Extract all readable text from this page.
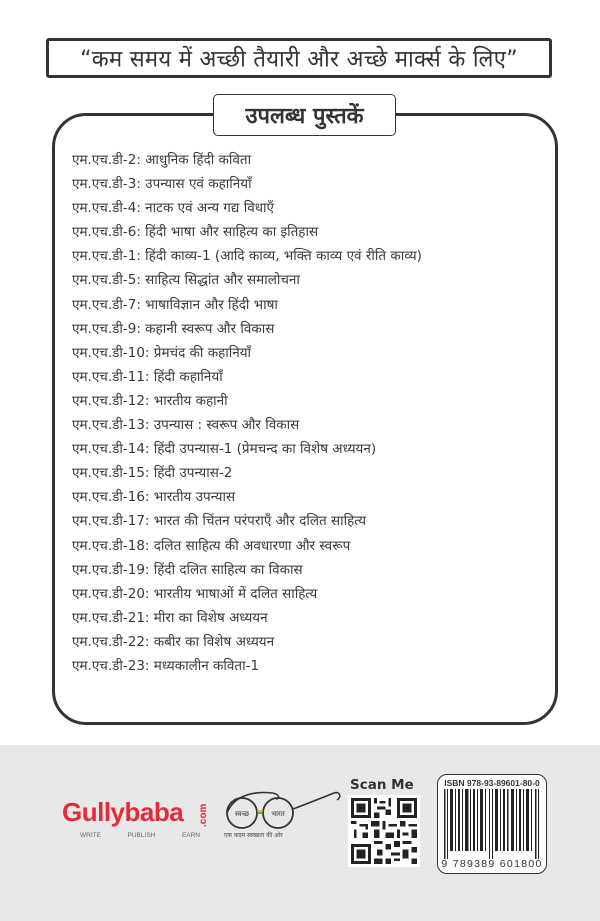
“कम समय में अच्छी तैयारी और अच्छे मार्क्स के लिए”
उपलब्ध पुस्तकें
एम.एच.डी-2: आधुनिक हिंदी कविता
एम.एच.डी-3: उपन्यास एवं कहानियाँ
एम.एच.डी-4: नाटक एवं अन्य गद्य विधाएँ
एम.एच.डी-6: हिंदी भाषा और साहित्य का इतिहास
एम.एच.डी-1: हिंदी काव्य-1 (आदि काव्य, भक्ति काव्य एवं रीति काव्य)
एम.एच.डी-5: साहित्य सिद्धांत और समालोचना
एम.एच.डी-7: भाषाविज्ञान और हिंदी भाषा
एम.एच.डी-9: कहानी स्वरूप और विकास
एम.एच.डी-10: प्रेमचंद की कहानियाँ
एम.एच.डी-11: हिंदी कहानियाँ
एम.एच.डी-12: भारतीय कहानी
एम.एच.डी-13: उपन्यास : स्वरूप और विकास
एम.एच.डी-14: हिंदी उपन्यास-1 (प्रेमचन्द का विशेष अध्ययन)
एम.एच.डी-15: हिंदी उपन्यास-2
एम.एच.डी-16: भारतीय उपन्यास
एम.एच.डी-17: भारत की चिंतन परंपराएँ और दलित साहित्य
एम.एच.डी-18: दलित साहित्य की अवधारणा और स्वरूप
एम.एच.डी-19: हिंदी दलित साहित्य का विकास
एम.एच.डी-20: भारतीय भाषाओं में दलित साहित्य
एम.एच.डी-21: मीरा का विशेष अध्ययन
एम.एच.डी-22: कबीर का विशेष अध्ययन
एम.एच.डी-23: मध्यकालीन कविता-1
Gullybaba .com
WRITE	PUBLISH	EARN
स्वच्छ	भारत
एक कदम स्वच्छता की ओर
Scan Me	ISBN 978-93-89601-80-0
9 789389 601800
